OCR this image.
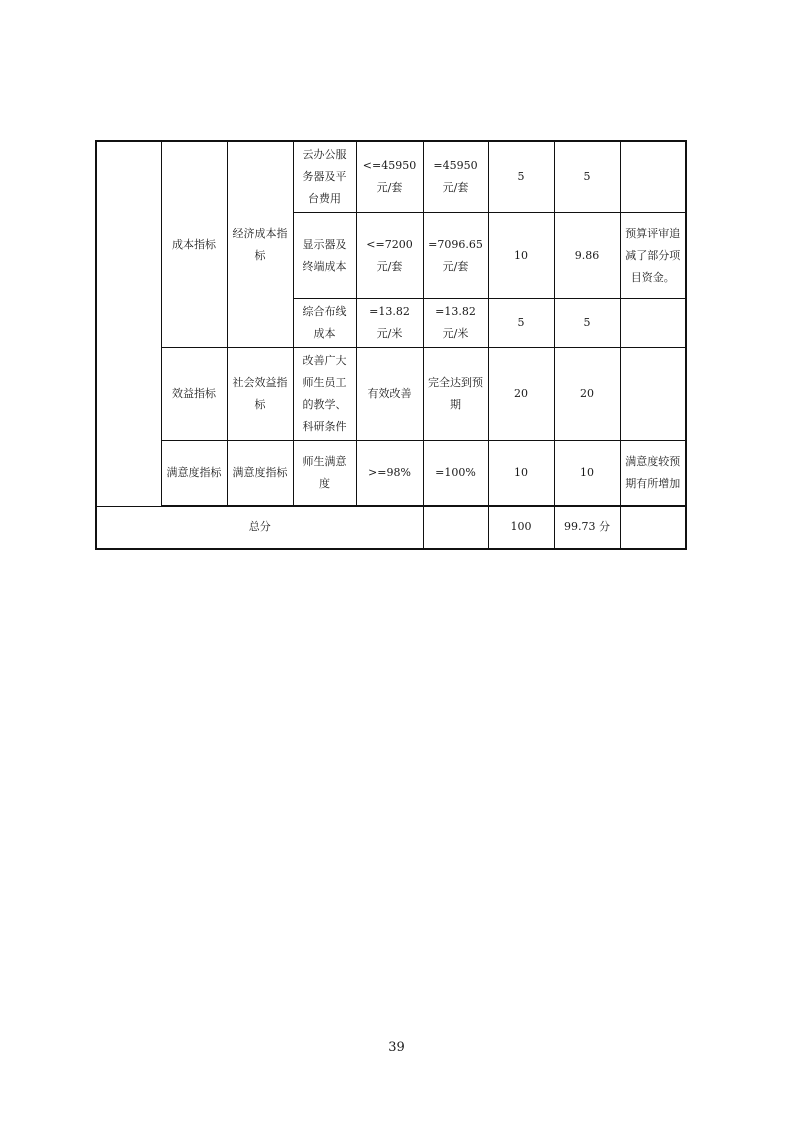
	成本指标	经济成本指标	云办公服务器及平台费用	<=45950 元/套	=45950 元/套	5	5	
			显示器及终端成本	<=7200 元/套	=7096.65 元/套	10	9.86	预算评审追减了部分项目资金。
			综合布线成本	=13.82 元/米	=13.82 元/米	5	5	
	效益指标	社会效益指标	改善广大师生员工的教学、科研条件	有效改善	完全达到预期	20	20	
	满意度指标	满意度指标	师生满意度	>=98%	=100%	10	10	满意度较预期有所增加

总分						100	99.73 分	
39
